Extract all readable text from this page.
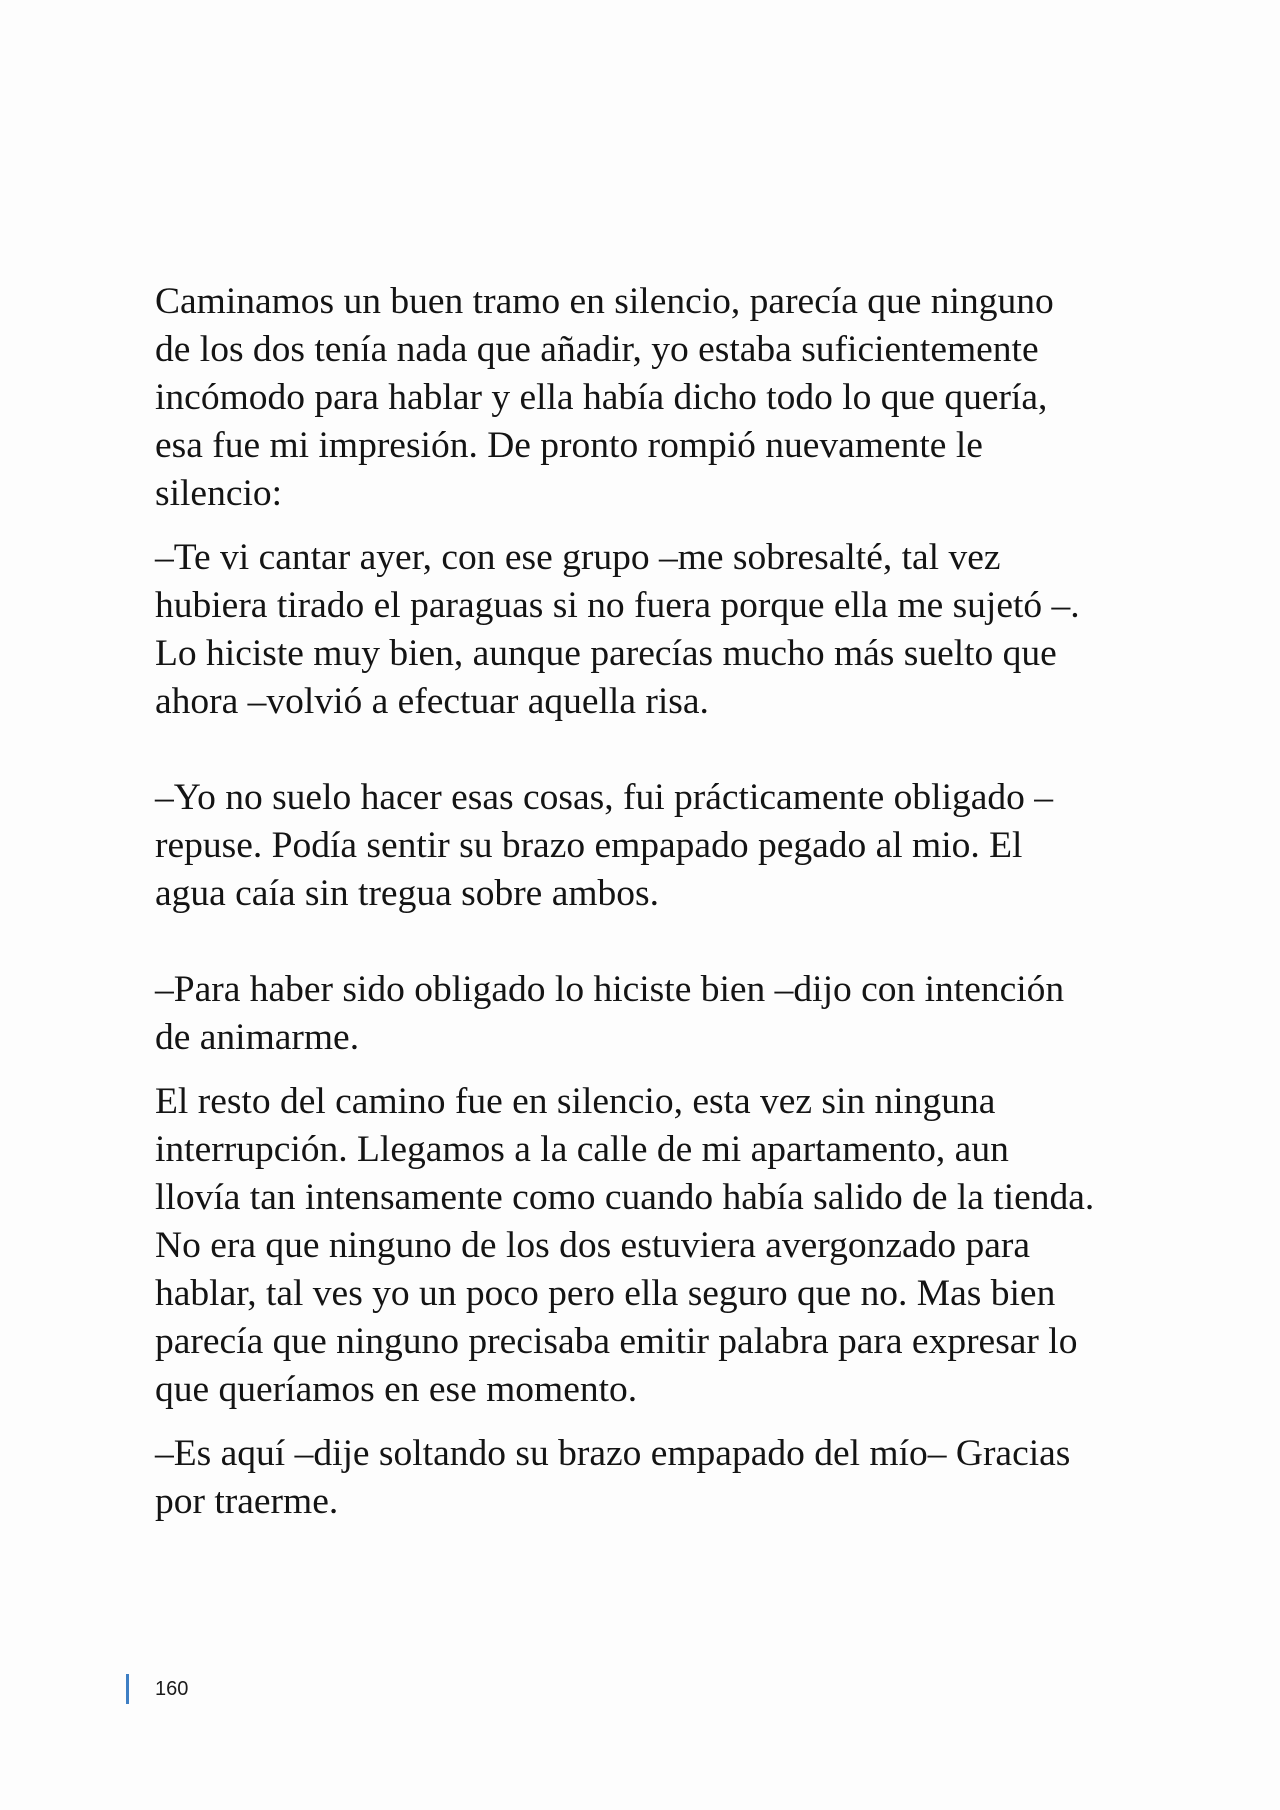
Caminamos un buen tramo en silencio, parecía que ninguno
de los dos tenía nada que añadir, yo estaba suficientemente
incómodo para hablar y ella había dicho todo lo que quería,
esa fue mi impresión. De pronto rompió nuevamente le
silencio:

–Te vi cantar ayer, con ese grupo –me sobresalté, tal vez
hubiera tirado el paraguas si no fuera porque ella me sujetó –.
Lo hiciste muy bien, aunque parecías mucho más suelto que
ahora –volvió a efectuar aquella risa.

–Yo no suelo hacer esas cosas, fui prácticamente obligado –
repuse. Podía sentir su brazo empapado pegado al mio. El
agua caía sin tregua sobre ambos.

–Para haber sido obligado lo hiciste bien –dijo con intención
de animarme.

El resto del camino fue en silencio, esta vez sin ninguna
interrupción. Llegamos a la calle de mi apartamento, aun
llovía tan intensamente como cuando había salido de la tienda.
No era que ninguno de los dos estuviera avergonzado para
hablar, tal ves yo un poco pero ella seguro que no. Mas bien
parecía que ninguno precisaba emitir palabra para expresar lo
que queríamos en ese momento.

–Es aquí –dije soltando su brazo empapado del mío– Gracias
por traerme.

160
